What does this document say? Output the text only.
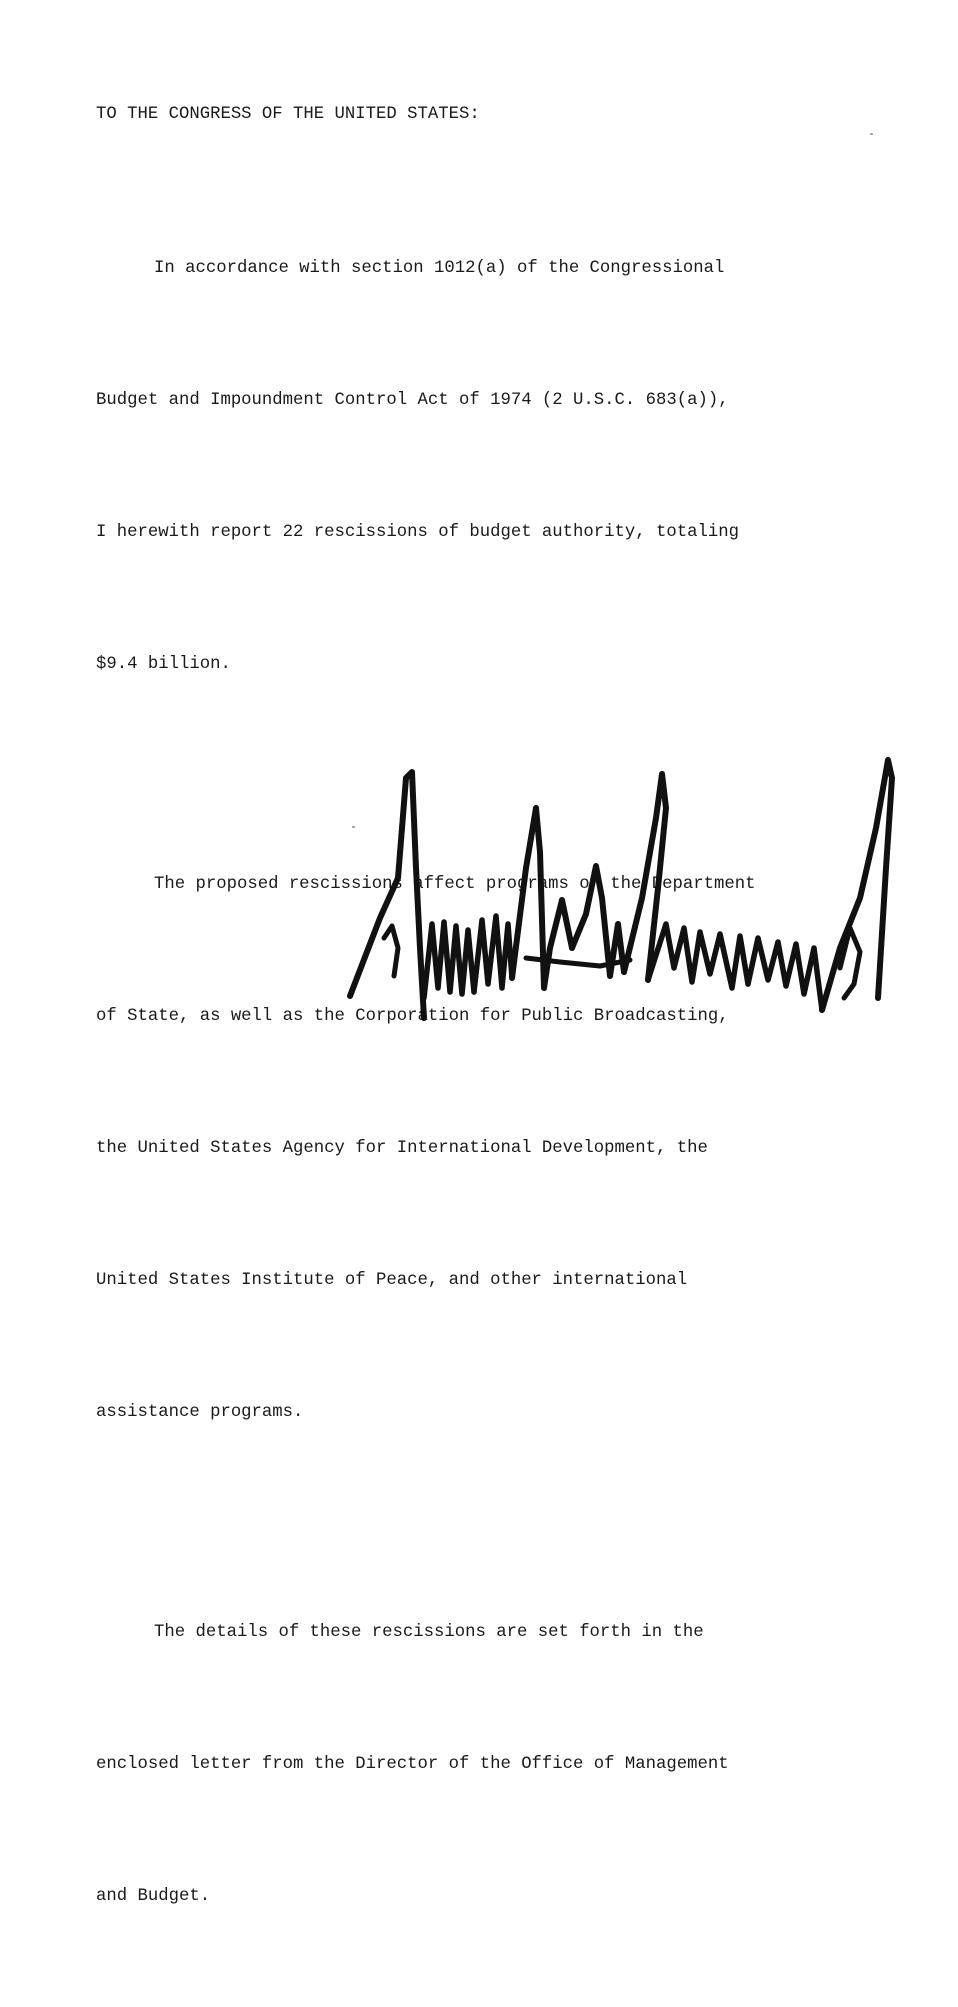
TO THE CONGRESS OF THE UNITED STATES:

In accordance with section 1012(a) of the Congressional

Budget and Impoundment Control Act of 1974 (2 U.S.C. 683(a)),

I herewith report 22 rescissions of budget authority, totaling

$9.4 billion.

The proposed rescissions affect programs of the Department

of State, as well as the Corporation for Public Broadcasting,

the United States Agency for International Development, the

United States Institute of Peace, and other international

assistance programs.

The details of these rescissions are set forth in the

enclosed letter from the Director of the Office of Management

and Budget.
